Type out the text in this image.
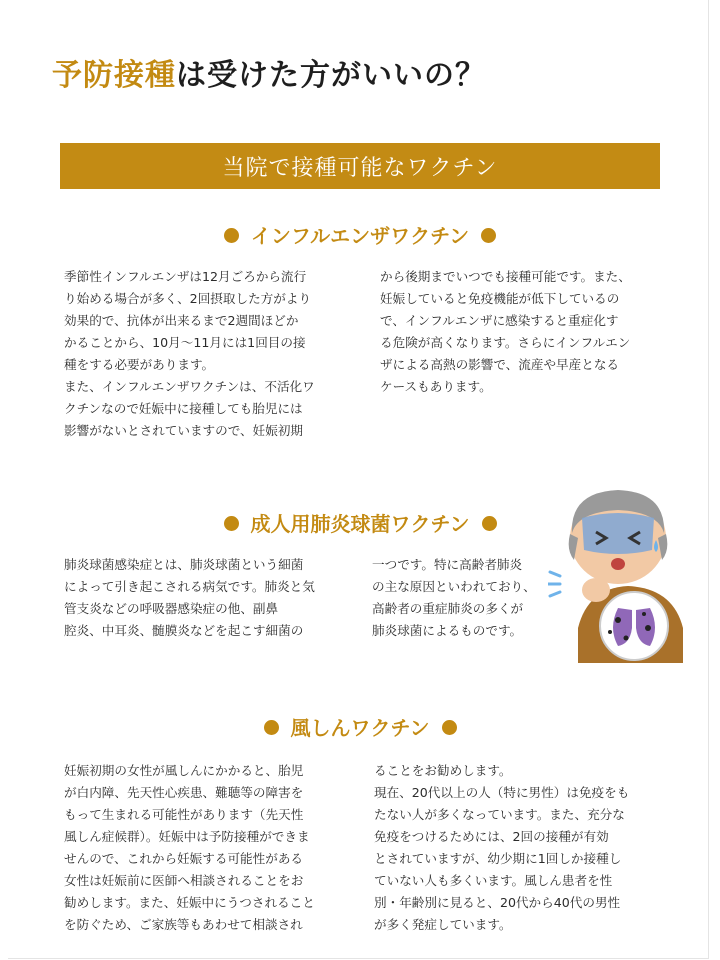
予防接種は受けた方がいいの？
当院で接種可能なワクチン
インフルエンザワクチン
季節性インフルエンザは12月ごろから流行
り始める場合が多く、2回摂取した方がより
効果的で、抗体が出来るまで2週間ほどか
かることから、10月～11月には1回目の接
種をする必要があります。
また、インフルエンザワクチンは、不活化ワ
クチンなので妊娠中に接種しても胎児には
影響がないとされていますので、妊娠初期
から後期までいつでも接種可能です。また、
妊娠していると免疫機能が低下しているの
で、インフルエンザに感染すると重症化す
る危険が高くなります。さらにインフルエン
ザによる高熱の影響で、流産や早産となる
ケースもあります。
成人用肺炎球菌ワクチン
肺炎球菌感染症とは、肺炎球菌という細菌
によって引き起こされる病気です。肺炎と気
管支炎などの呼吸器感染症の他、副鼻
腔炎、中耳炎、髄膜炎などを起こす細菌の
一つです。特に高齢者肺炎
の主な原因といわれており、
高齢者の重症肺炎の多くが
肺炎球菌によるものです。
風しんワクチン
妊娠初期の女性が風しんにかかると、胎児
が白内障、先天性心疾患、難聴等の障害を
もって生まれる可能性があります（先天性
風しん症候群）。妊娠中は予防接種ができま
せんので、これから妊娠する可能性がある
女性は妊娠前に医師へ相談されることをお
勧めします。また、妊娠中にうつされること
を防ぐため、ご家族等もあわせて相談され
ることをお勧めします。
現在、20代以上の人（特に男性）は免疫をも
たない人が多くなっています。また、充分な
免疫をつけるためには、2回の接種が有効
とされていますが、幼少期に1回しか接種し
ていない人も多くいます。風しん患者を性
別・年齢別に見ると、20代から40代の男性
が多く発症しています。
